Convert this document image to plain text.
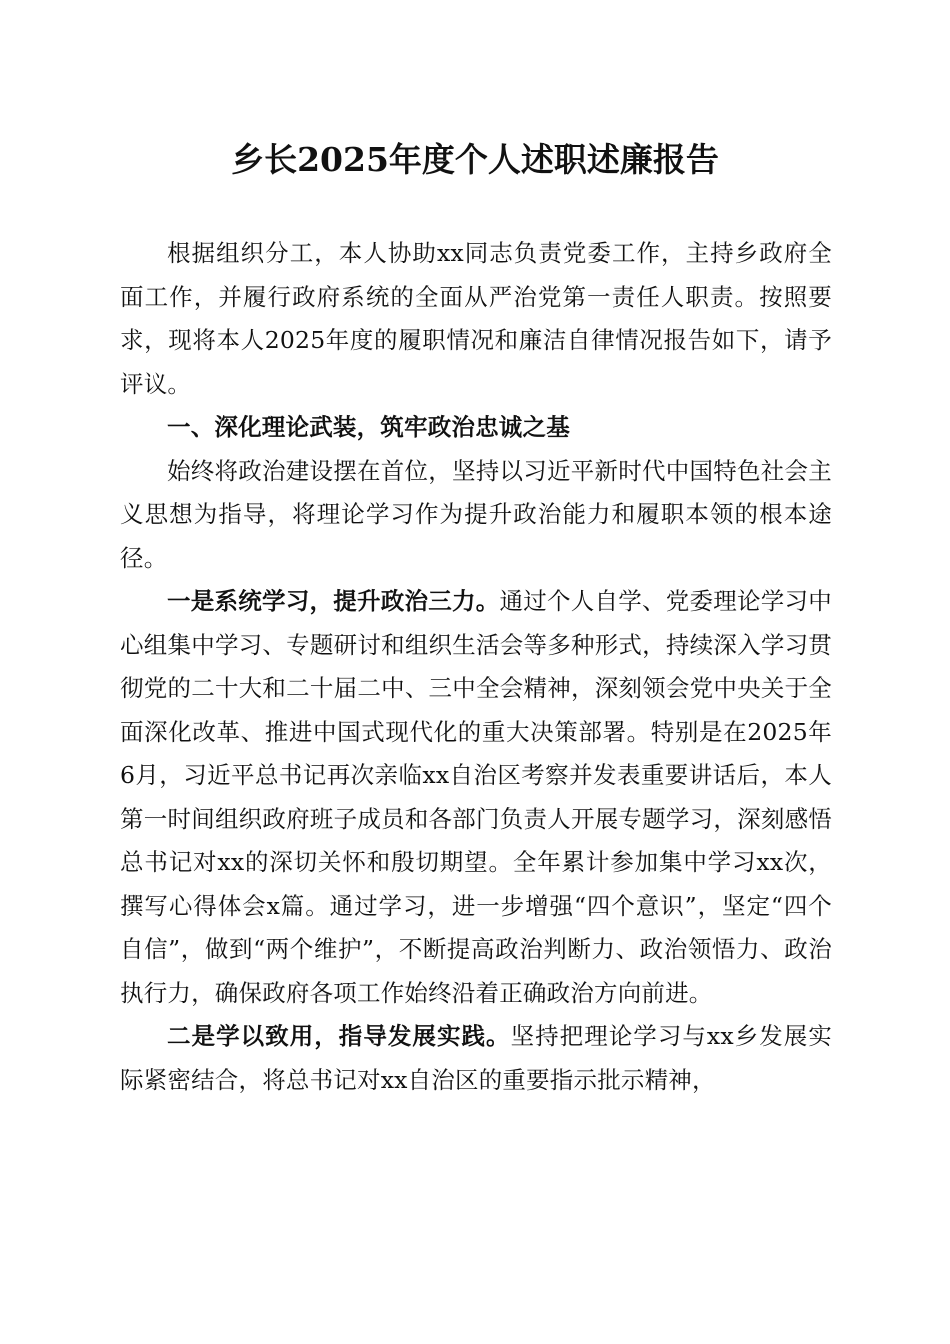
乡长2025年度个人述职述廉报告

根据组织分工，本人协助xx同志负责党委工作，主持乡政府全面工作，并履行政府系统的全面从严治党第一责任人职责。按照要求，现将本人2025年度的履职情况和廉洁自律情况报告如下，请予评议。

一、深化理论武装，筑牢政治忠诚之基

始终将政治建设摆在首位，坚持以习近平新时代中国特色社会主义思想为指导，将理论学习作为提升政治能力和履职本领的根本途径。

一是系统学习，提升政治三力。通过个人自学、党委理论学习中心组集中学习、专题研讨和组织生活会等多种形式，持续深入学习贯彻党的二十大和二十届二中、三中全会精神，深刻领会党中央关于全面深化改革、推进中国式现代化的重大决策部署。特别是在2025年6月，习近平总书记再次亲临xx自治区考察并发表重要讲话后，本人第一时间组织政府班子成员和各部门负责人开展专题学习，深刻感悟总书记对xx的深切关怀和殷切期望。全年累计参加集中学习xx次，撰写心得体会x篇。通过学习，进一步增强“四个意识”，坚定“四个自信”，做到“两个维护”，不断提高政治判断力、政治领悟力、政治执行力，确保政府各项工作始终沿着正确政治方向前进。

二是学以致用，指导发展实践。坚持把理论学习与xx乡发展实际紧密结合，将总书记对xx自治区的重要指示批示精神，
